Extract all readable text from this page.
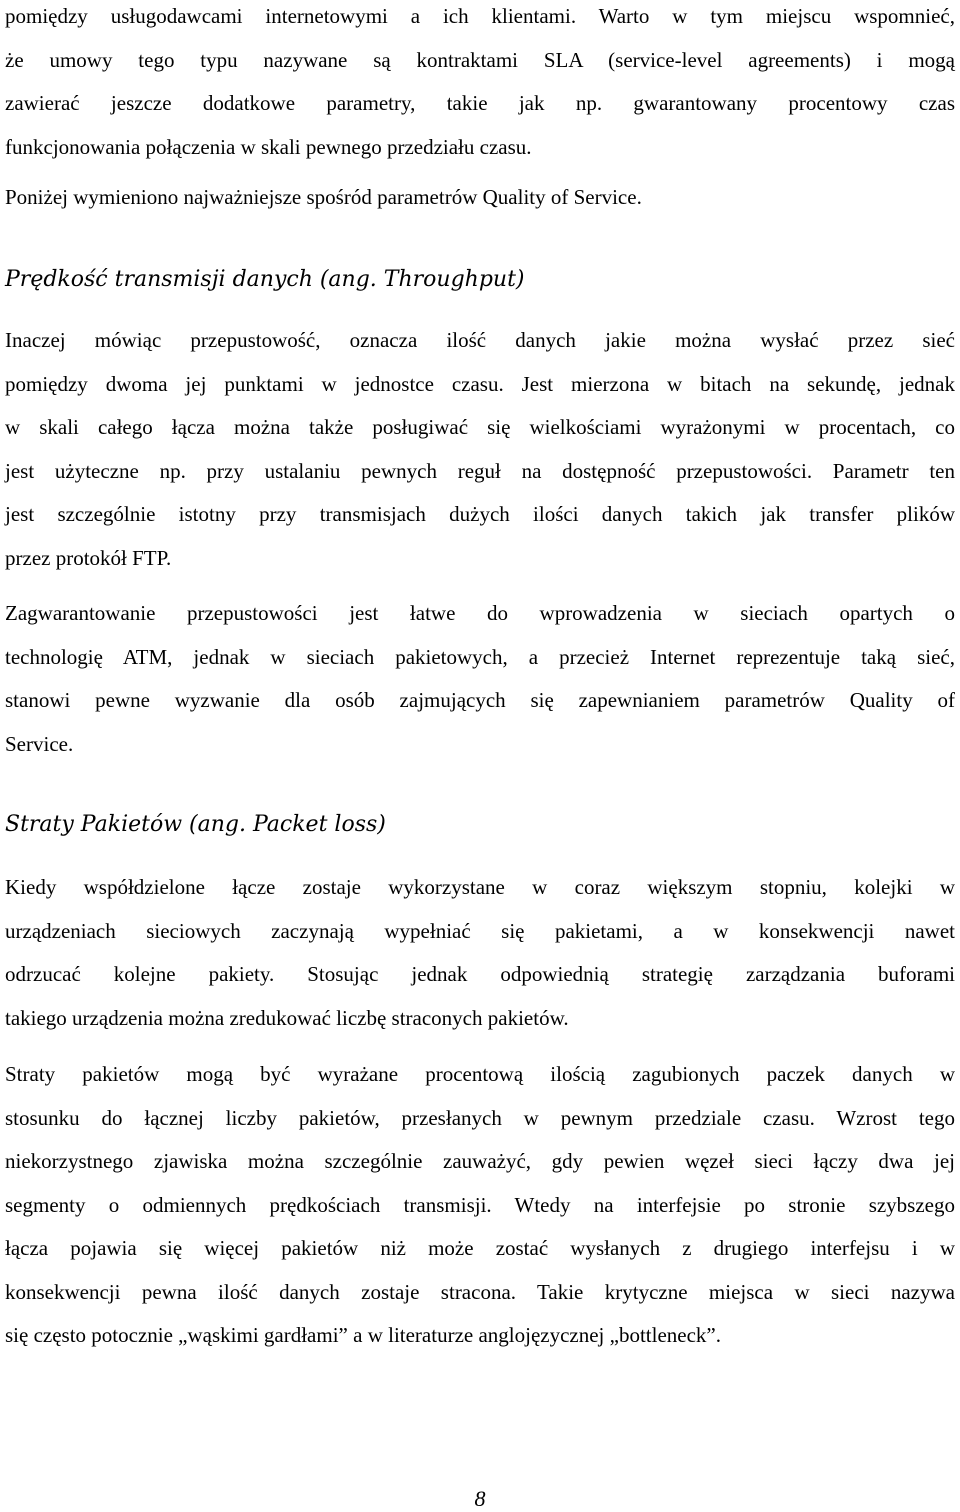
pomiędzy usługodawcami internetowymi a ich klientami. Warto w tym miejscu wspomnieć,
że umowy tego typu nazywane są kontraktami SLA (service-level agreements) i mogą
zawierać jeszcze dodatkowe parametry, takie jak np. gwarantowany procentowy czas
funkcjonowania połączenia w skali pewnego przedziału czasu.

Poniżej wymieniono najważniejsze spośród parametrów Quality of Service.

Prędkość transmisji danych (ang. Throughput)

Inaczej mówiąc przepustowość, oznacza ilość danych jakie można wysłać przez sieć
pomiędzy dwoma jej punktami w jednostce czasu. Jest mierzona w bitach na sekundę, jednak
w skali całego łącza można także posługiwać się wielkościami wyrażonymi w procentach, co
jest użyteczne np. przy ustalaniu pewnych reguł na dostępność przepustowości. Parametr ten
jest szczególnie istotny przy transmisjach dużych ilości danych takich jak transfer plików
przez protokół FTP.

Zagwarantowanie przepustowości jest łatwe do wprowadzenia w sieciach opartych o
technologię ATM, jednak w sieciach pakietowych, a przecież Internet reprezentuje taką sieć,
stanowi pewne wyzwanie dla osób zajmujących się zapewnianiem parametrów Quality of
Service.

Straty Pakietów (ang. Packet loss)

Kiedy współdzielone łącze zostaje wykorzystane w coraz większym stopniu, kolejki w
urządzeniach sieciowych zaczynają wypełniać się pakietami, a w konsekwencji nawet
odrzucać kolejne pakiety. Stosując jednak odpowiednią strategię zarządzania buforami
takiego urządzenia można zredukować liczbę straconych pakietów.

Straty pakietów mogą być wyrażane procentową ilością zagubionych paczek danych w
stosunku do łącznej liczby pakietów, przesłanych w pewnym przedziale czasu. Wzrost tego
niekorzystnego zjawiska można szczególnie zauważyć, gdy pewien węzeł sieci łączy dwa jej
segmenty o odmiennych prędkościach transmisji. Wtedy na interfejsie po stronie szybszego
łącza pojawia się więcej pakietów niż może zostać wysłanych z drugiego interfejsu i w
konsekwencji pewna ilość danych zostaje stracona. Takie krytyczne miejsca w sieci nazywa
się często potocznie „wąskimi gardłami” a w literaturze anglojęzycznej „bottleneck”.

8
